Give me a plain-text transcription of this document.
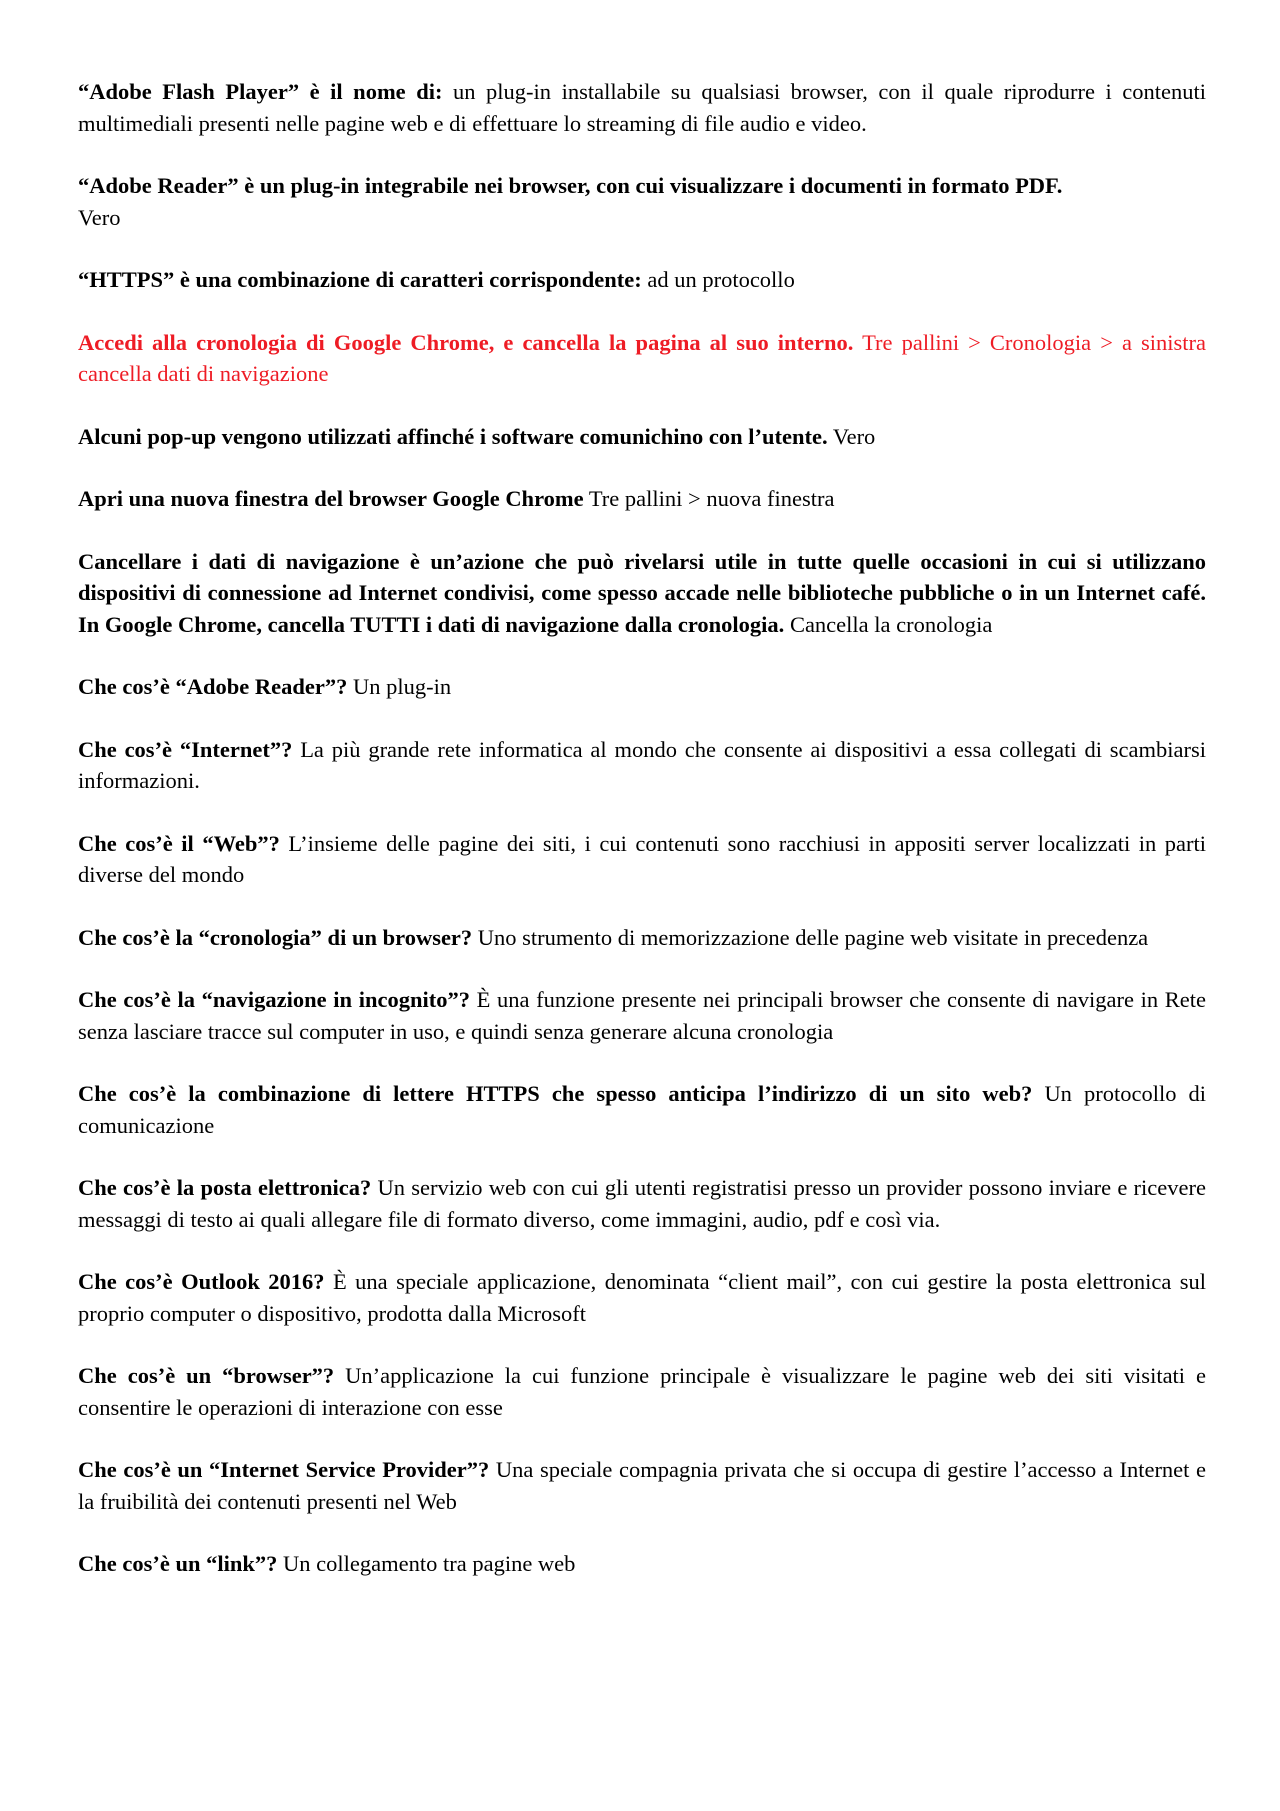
“Adobe Flash Player” è il nome di: un plug-in installabile su qualsiasi browser, con il quale riprodurre i contenuti multimediali presenti nelle pagine web e di effettuare lo streaming di file audio e video.

“Adobe Reader” è un plug-in integrabile nei browser, con cui visualizzare i documenti in formato PDF.
Vero

“HTTPS” è una combinazione di caratteri corrispondente: ad un protocollo

Accedi alla cronologia di Google Chrome, e cancella la pagina al suo interno. Tre pallini > Cronologia > a sinistra cancella dati di navigazione

Alcuni pop-up vengono utilizzati affinché i software comunichino con l’utente. Vero

Apri una nuova finestra del browser Google Chrome Tre pallini > nuova finestra

Cancellare i dati di navigazione è un’azione che può rivelarsi utile in tutte quelle occasioni in cui si utilizzano dispositivi di connessione ad Internet condivisi, come spesso accade nelle biblioteche pubbliche o in un Internet café. In Google Chrome, cancella TUTTI i dati di navigazione dalla cronologia. Cancella la cronologia

Che cos’è “Adobe Reader”? Un plug-in

Che cos’è “Internet”? La più grande rete informatica al mondo che consente ai dispositivi a essa collegati di scambiarsi informazioni.

Che cos’è il “Web”? L’insieme delle pagine dei siti, i cui contenuti sono racchiusi in appositi server localizzati in parti diverse del mondo

Che cos’è la “cronologia” di un browser? Uno strumento di memorizzazione delle pagine web visitate in precedenza

Che cos’è la “navigazione in incognito”? È una funzione presente nei principali browser che consente di navigare in Rete senza lasciare tracce sul computer in uso, e quindi senza generare alcuna cronologia

Che cos’è la combinazione di lettere HTTPS che spesso anticipa l’indirizzo di un sito web? Un protocollo di comunicazione

Che cos’è la posta elettronica? Un servizio web con cui gli utenti registratisi presso un provider possono inviare e ricevere messaggi di testo ai quali allegare file di formato diverso, come immagini, audio, pdf e così via.

Che cos’è Outlook 2016? È una speciale applicazione, denominata “client mail”, con cui gestire la posta elettronica sul proprio computer o dispositivo, prodotta dalla Microsoft

Che cos’è un “browser”? Un’applicazione la cui funzione principale è visualizzare le pagine web dei siti visitati e consentire le operazioni di interazione con esse

Che cos’è un “Internet Service Provider”? Una speciale compagnia privata che si occupa di gestire l’accesso a Internet e la fruibilità dei contenuti presenti nel Web

Che cos’è un “link”? Un collegamento tra pagine web
